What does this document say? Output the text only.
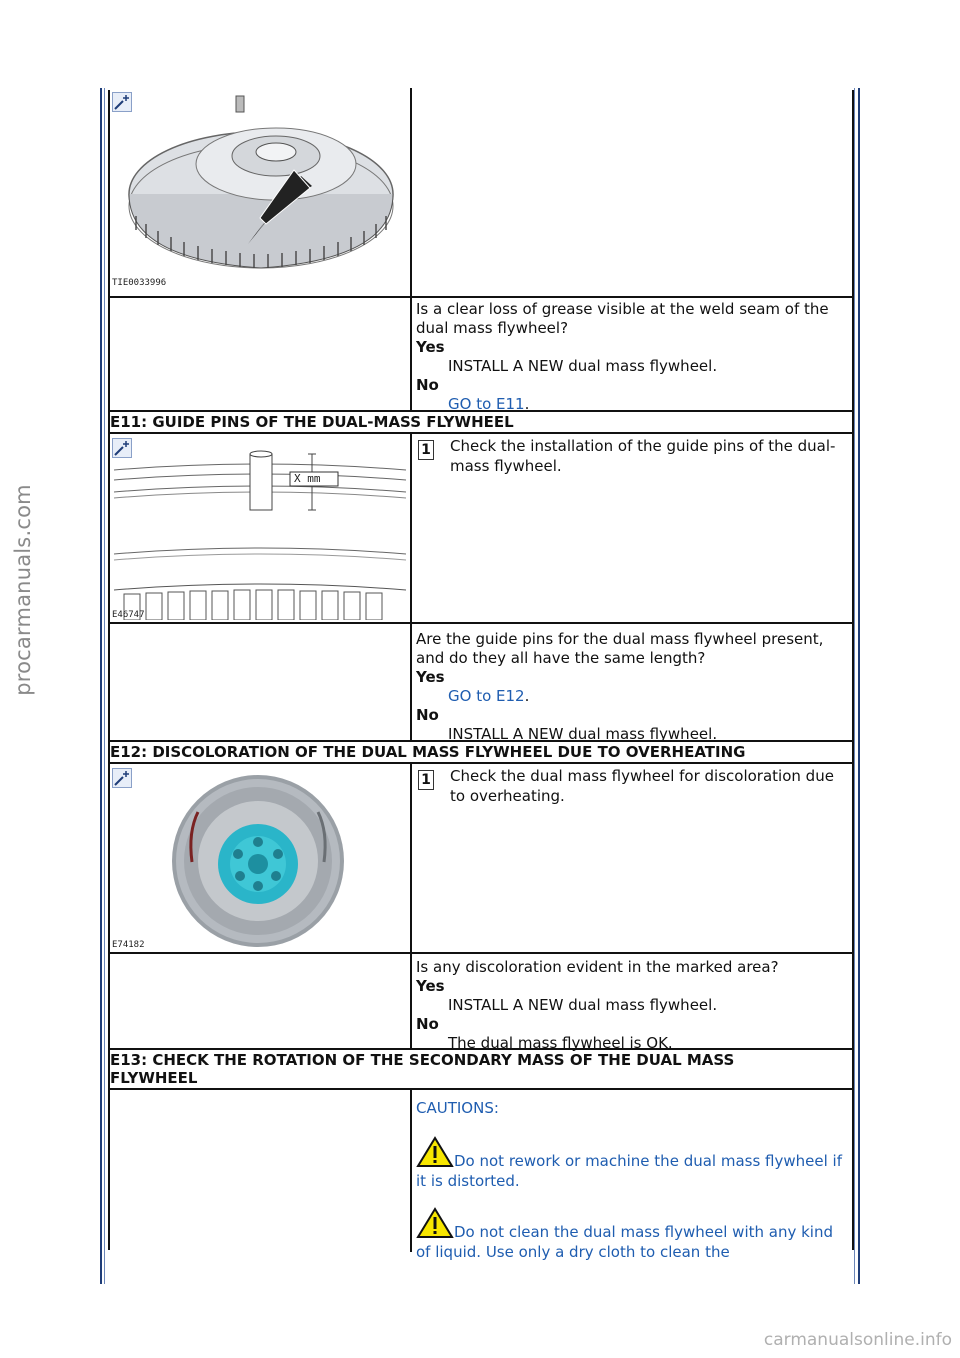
procarmanuals.com
TIE0033996
Is a clear loss of grease visible at the weld seam of the dual mass flywheel?
Yes
INSTALL A NEW dual mass flywheel.
No
GO to E11.
E11: GUIDE PINS OF THE DUAL-MASS FLYWHEEL
X mm
E46747
1 Check the installation of the guide pins of the dual-mass flywheel.
Are the guide pins for the dual mass flywheel present, and do they all have the same length?
Yes
GO to E12.
No
INSTALL A NEW dual mass flywheel.
E12: DISCOLORATION OF THE DUAL MASS FLYWHEEL DUE TO OVERHEATING
E74182
1 Check the dual mass flywheel for discoloration due to overheating.
Is any discoloration evident in the marked area?
Yes
INSTALL A NEW dual mass flywheel.
No
The dual mass flywheel is OK.
E13: CHECK THE ROTATION OF THE SECONDARY MASS OF THE DUAL MASS
FLYWHEEL
CAUTIONS:
Do not rework or machine the dual mass flywheel if it is distorted.
Do not clean the dual mass flywheel with any kind of liquid. Use only a dry cloth to clean the
carmanualsonline.info
